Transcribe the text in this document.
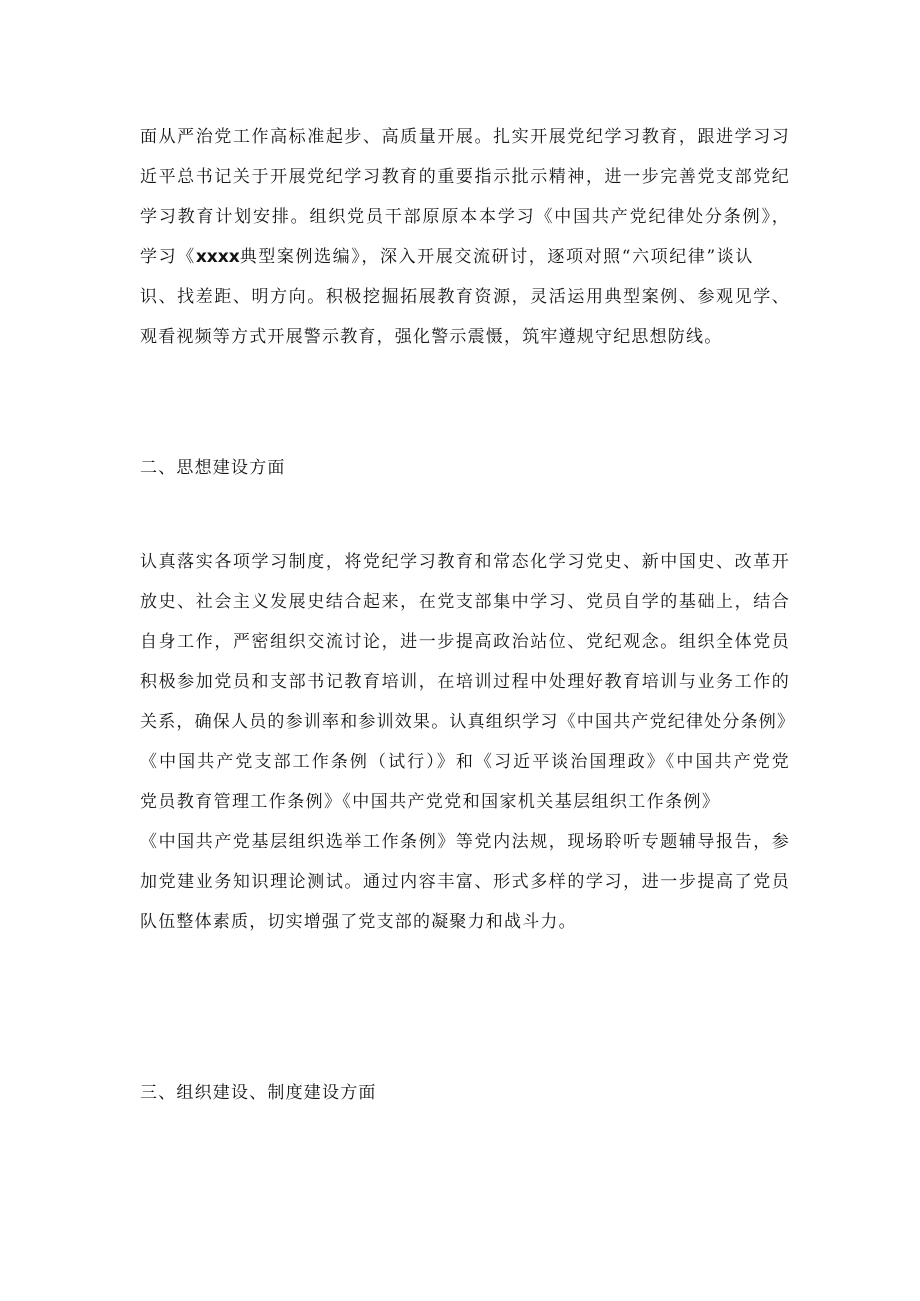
面从严治党工作高标准起步、高质量开展。扎实开展党纪学习教育，跟进学习习
近平总书记关于开展党纪学习教育的重要指示批示精神，进一步完善党支部党纪
学习教育计划安排。组织党员干部原原本本学习《中国共产党纪律处分条例》，
学习《xxxx典型案例选编》，深入开展交流研讨，逐项对照“六项纪律”谈认
识、找差距、明方向。积极挖掘拓展教育资源，灵活运用典型案例、参观见学、
观看视频等方式开展警示教育，强化警示震慑，筑牢遵规守纪思想防线。
二、思想建设方面
认真落实各项学习制度，将党纪学习教育和常态化学习党史、新中国史、改革开
放史、社会主义发展史结合起来，在党支部集中学习、党员自学的基础上，结合
自身工作，严密组织交流讨论，进一步提高政治站位、党纪观念。组织全体党员
积极参加党员和支部书记教育培训，在培训过程中处理好教育培训与业务工作的
关系，确保人员的参训率和参训效果。认真组织学习《中国共产党纪律处分条例》
《中国共产党支部工作条例（试行）》和《习近平谈治国理政》《中国共产党党
党员教育管理工作条例》《中国共产党党和国家机关基层组织工作条例》
《中国共产党基层组织选举工作条例》等党内法规，现场聆听专题辅导报告，参
加党建业务知识理论测试。通过内容丰富、形式多样的学习，进一步提高了党员
队伍整体素质，切实增强了党支部的凝聚力和战斗力。
三、组织建设、制度建设方面
